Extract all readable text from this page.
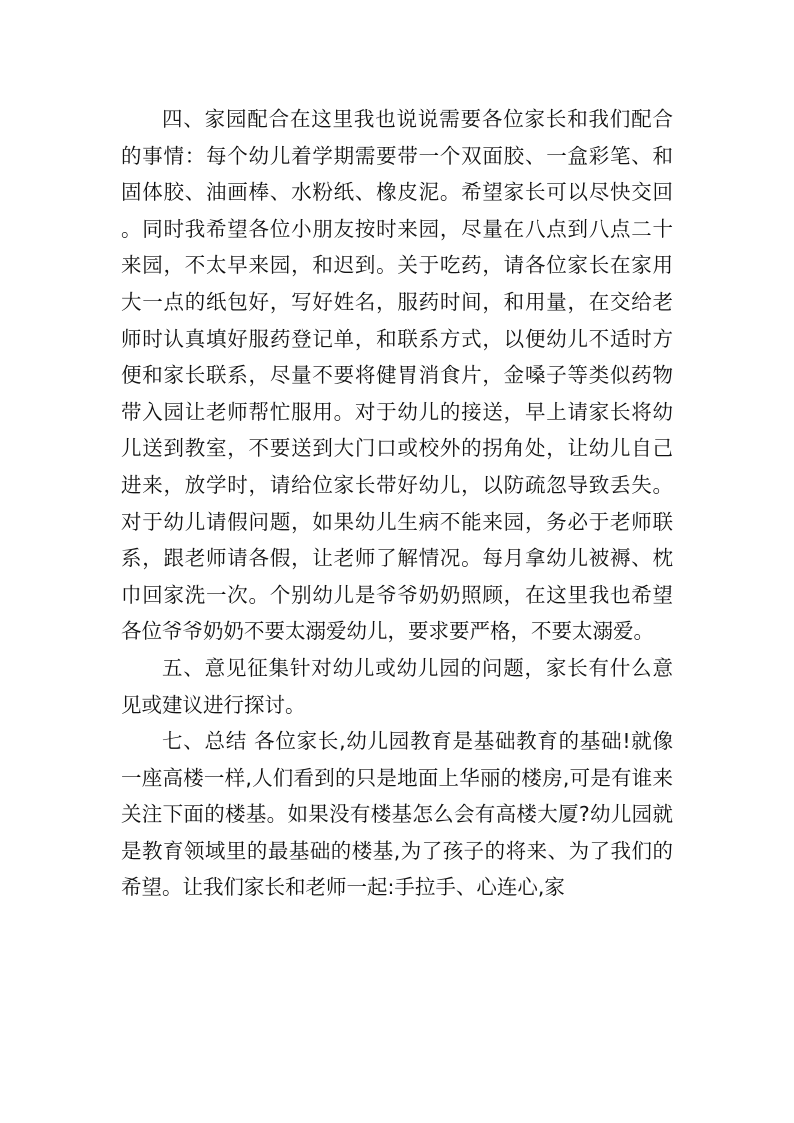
四、家园配合在这里我也说说需要各位家长和我们配合的事情：每个幼儿着学期需要带一个双面胶、一盒彩笔、和固体胶、油画棒、水粉纸、橡皮泥。希望家长可以尽快交回。同时我希望各位小朋友按时来园，尽量在八点到八点二十来园，不太早来园，和迟到。关于吃药，请各位家长在家用大一点的纸包好，写好姓名，服药时间，和用量，在交给老师时认真填好服药登记单，和联系方式，以便幼儿不适时方便和家长联系，尽量不要将健胃消食片，金嗓子等类似药物带入园让老师帮忙服用。对于幼儿的接送，早上请家长将幼儿送到教室，不要送到大门口或校外的拐角处，让幼儿自己进来，放学时，请给位家长带好幼儿，以防疏忽导致丢失。对于幼儿请假问题，如果幼儿生病不能来园，务必于老师联系，跟老师请各假，让老师了解情况。每月拿幼儿被褥、枕巾回家洗一次。个别幼儿是爷爷奶奶照顾，在这里我也希望各位爷爷奶奶不要太溺爱幼儿，要求要严格，不要太溺爱。

五、意见征集针对幼儿或幼儿园的问题，家长有什么意见或建议进行探讨。

七、总结 各位家长,幼儿园教育是基础教育的基础!就像一座高楼一样,人们看到的只是地面上华丽的楼房,可是有谁来关注下面的楼基。如果没有楼基怎么会有高楼大厦?幼儿园就是教育领域里的最基础的楼基,为了孩子的将来、为了我们的希望。让我们家长和老师一起:手拉手、心连心,家
